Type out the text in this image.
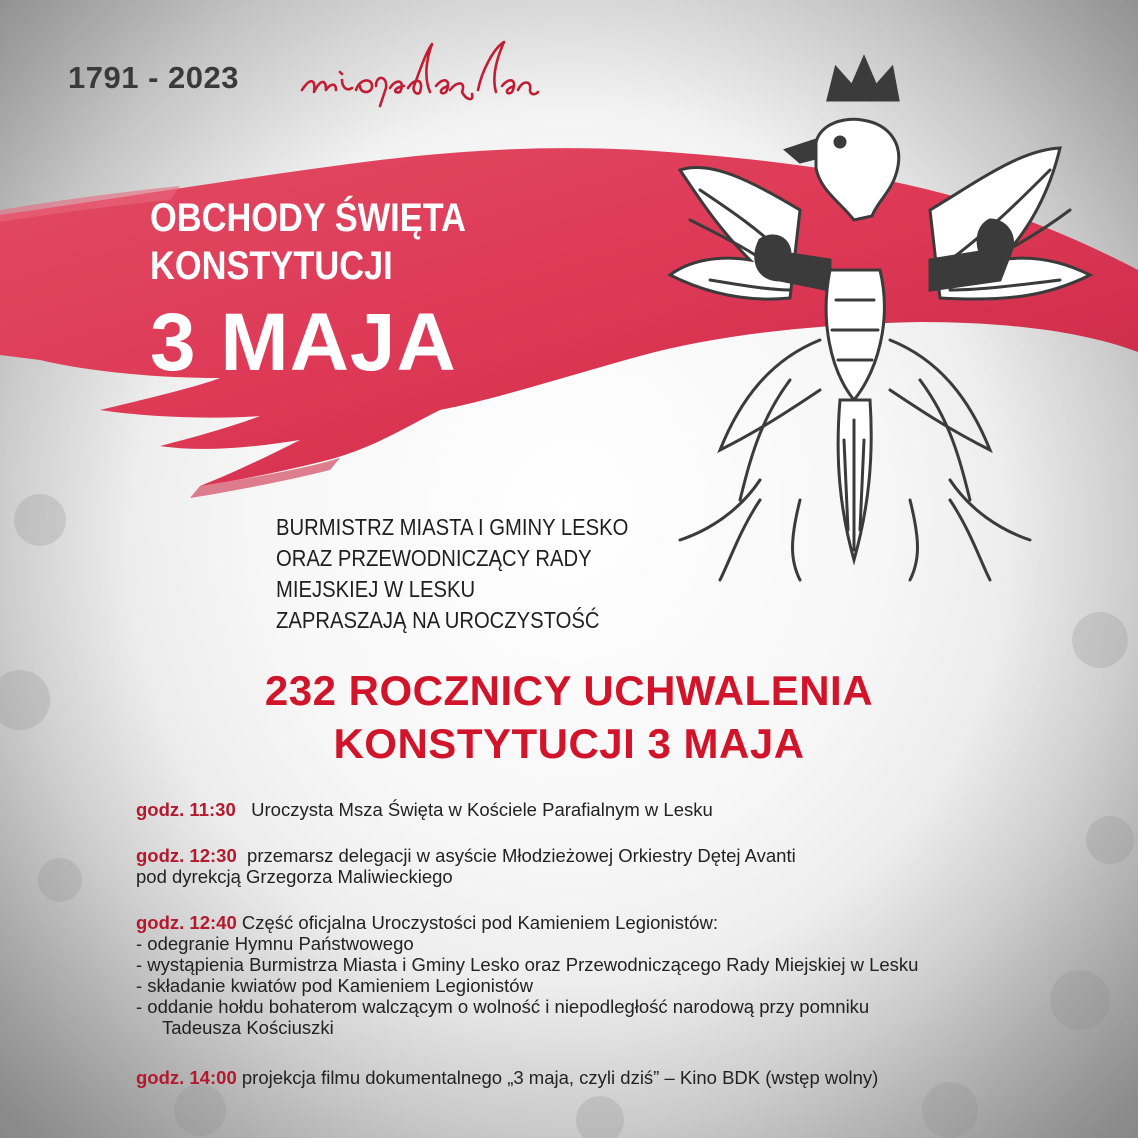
1791 - 2023	niepodległa
OBCHODY ŚWIĘTA
KONSTYTUCJI
3 MAJA
BURMISTRZ MIASTA I GMINY LESKO
ORAZ PRZEWODNICZĄCY RADY
MIEJSKIEJ W LESKU
ZAPRASZAJĄ NA UROCZYSTOŚĆ
232 ROCZNICY UCHWALENIA
KONSTYTUCJI 3 MAJA
godz. 11:30 Uroczysta Msza Święta w Kościele Parafialnym w Lesku
godz. 12:30 przemarsz delegacji w asyście Młodzieżowej Orkiestry Dętej Avanti
pod dyrekcją Grzegorza Maliwieckiego
godz. 12:40 Część oficjalna Uroczystości pod Kamieniem Legionistów:
- odegranie Hymnu Państwowego
- wystąpienia Burmistrza Miasta i Gminy Lesko oraz Przewodniczącego Rady Miejskiej w Lesku
- składanie kwiatów pod Kamieniem Legionistów
- oddanie hołdu bohaterom walczącym o wolność i niepodległość narodową przy pomniku
Tadeusza Kościuszki
godz. 14:00 projekcja filmu dokumentalnego „3 maja, czyli dziś” – Kino BDK (wstęp wolny)
